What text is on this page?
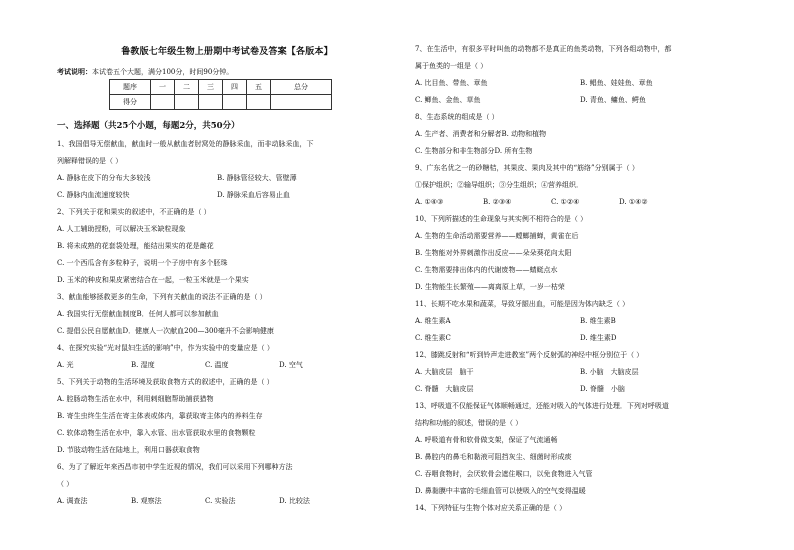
鲁教版七年级生物上册期中考试卷及答案【各版本】
考试说明：本试卷五个大题，满分100分，时间90分钟。
题序	一	二	三	四	五	总分
得分						
一、选择题（共25个小题，每题2分，共50分）
1、我国倡导无偿献血，献血时一般从献血者肘窝处的静脉采血，而非动脉采血，下
列解释错误的是（ ）
A. 静脉在皮下的分布大多较浅	B. 静脉管径较大、管壁薄
C. 静脉内血流速度较快	D. 静脉采血后容易止血
2、下列关于花和果实的叙述中，不正确的是（ ）
A. 人工辅助授粉，可以解决玉米缺粒现象
B. 将未成熟的花套袋处理，能结出果实的花是雌花
C. 一个西瓜含有多粒种子，说明一个子房中有多个胚珠
D. 玉米的种皮和果皮紧密结合在一起，一粒玉米就是一个果实
3、献血能够拯救更多的生命，下列有关献血的说法不正确的是（ ）
A. 我国实行无偿献血制度B．任何人都可以参加献血
C. 提倡公民自愿献血D．健康人一次献血200—300毫升不会影响健康
4、在探究实验“光对鼠妇生活的影响”中，作为实验中的变量应是（ ）
A. 光	B. 湿度	C. 温度	D. 空气
5、下列关于动物的生活环境及获取食物方式的叙述中，正确的是（ ）
A. 腔肠动物生活在水中，利用刺细胞帮助捕获猎物
B. 寄生虫终生生活在寄主体表或体内，靠获取寄主体内的养料生存
C. 软体动物生活在水中，靠入水管、出水管获取水里的食物颗粒
D. 节肢动物生活在陆地上，利用口器获取食物
6、为了了解近年来西昌市初中学生近视的情况，我们可以采用下列哪种方法
（ ）
A. 调查法	B. 观察法	C. 实验法	D. 比较法
7、在生活中，有很多平时叫鱼的动物都不是真正的鱼类动物，下列各组动物中，都
属于鱼类的一组是（ ）
A. 比目鱼、带鱼、章鱼	B. 鲳鱼、娃娃鱼、章鱼
C. 鲫鱼、金鱼、草鱼	D. 青鱼、鳙鱼、鳄鱼
8、生态系统的组成是（ ）
A. 生产者、消费者和分解者B. 动物和植物
C. 生物部分和非生物部分D. 所有生物
9、广东名优之一的砂糖桔，其果皮、果肉及其中的“筋络”分别属于（ ）
①保护组织；②输导组织；③分生组织；④营养组织．
A. ①④③	B. ②③④	C. ①②④	D. ①④②
10、下列所描述的生命现象与其实例不相符合的是（ ）
A. 生物的生命活动需要营养——螳螂捕蝉，黄雀在后
B. 生物能对外界刺激作出反应——朵朵葵花向太阳
C. 生物需要排出体内的代谢废物——蜻蜓点水
D. 生物能生长繁殖——离离原上草，一岁一枯荣
11、长期不吃水果和蔬菜，导致牙龈出血，可能是因为体内缺乏（ ）
A. 维生素A	B. 维生素B
C. 维生素C	D. 维生素D
12、膝跳反射和“听到铃声走进教室”两个反射弧的神经中枢分别位于（ ）
A. 大脑皮层　脑干	B. 小脑　大脑皮层
C. 脊髓　大脑皮层	D. 脊髓　小脑
13、呼吸道不仅能保证气体顺畅通过，还能对吸入的气体进行处理．下列对呼吸道
结构和功能的叙述，错误的是（ ）
A. 呼吸道有骨和软骨做支架，保证了气流通畅
B. 鼻腔内的鼻毛和黏液可阻挡灰尘、细菌时形成痰
C. 吞咽食物时，会厌软骨会遮住喉口，以免食物进入气管
D. 鼻黏膜中丰富的毛细血管可以使吸入的空气变得温暖
14、下列特征与生物个体对应关系正确的是（ ）
